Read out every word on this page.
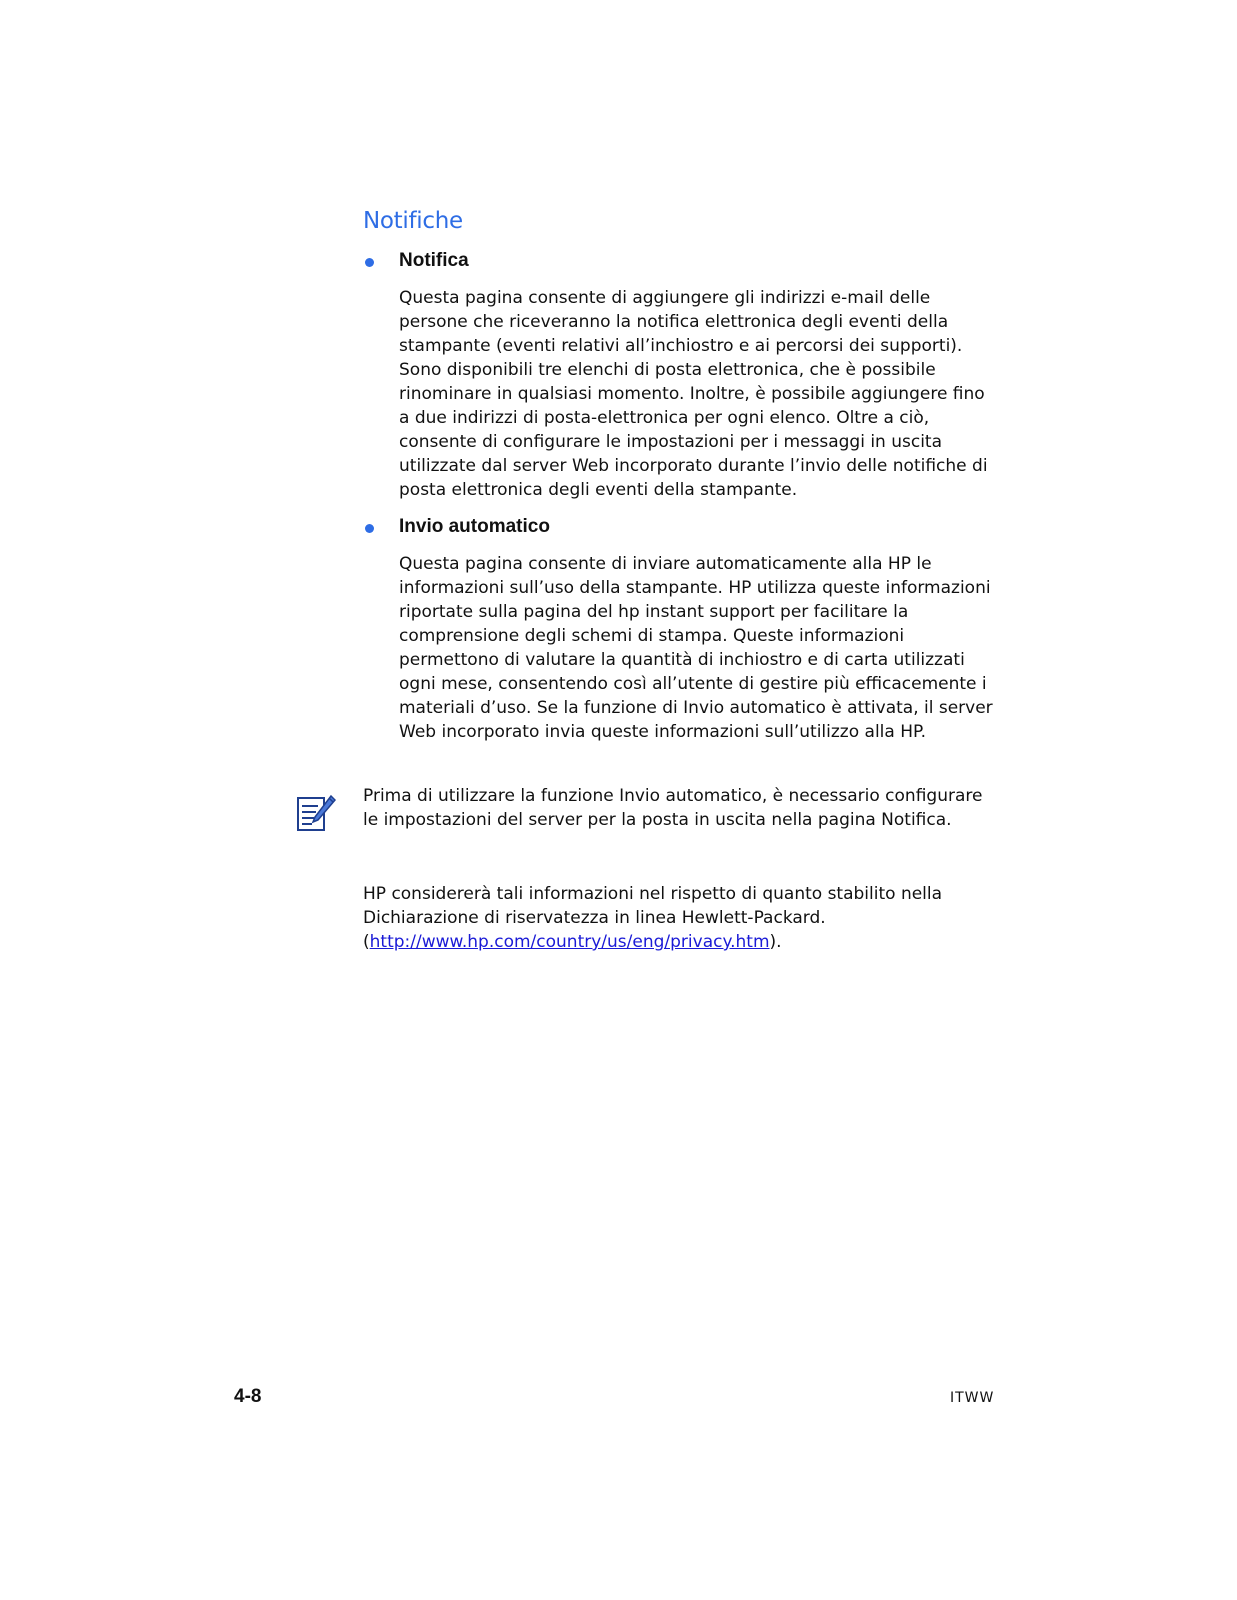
Notifiche
Notifica

Questa pagina consente di aggiungere gli indirizzi e-mail delle persone che riceveranno la notifica elettronica degli eventi della stampante (eventi relativi all’inchiostro e ai percorsi dei supporti). Sono disponibili tre elenchi di posta elettronica, che è possibile rinominare in qualsiasi momento. Inoltre, è possibile aggiungere fino a due indirizzi di posta-elettronica per ogni elenco. Oltre a ciò, consente di configurare le impostazioni per i messaggi in uscita utilizzate dal server Web incorporato durante l’invio delle notifiche di posta elettronica degli eventi della stampante.

Invio automatico

Questa pagina consente di inviare automaticamente alla HP le informazioni sull’uso della stampante. HP utilizza queste informazioni riportate sulla pagina del hp instant support per facilitare la comprensione degli schemi di stampa. Queste informazioni permettono di valutare la quantità di inchiostro e di carta utilizzati ogni mese, consentendo così all’utente di gestire più efficacemente i materiali d’uso. Se la funzione di Invio automatico è attivata, il server Web incorporato invia queste informazioni sull’utilizzo alla HP.

Prima di utilizzare la funzione Invio automatico, è necessario configurare le impostazioni del server per la posta in uscita nella pagina Notifica.

HP considererà tali informazioni nel rispetto di quanto stabilito nella Dichiarazione di riservatezza in linea Hewlett-Packard. (http://www.hp.com/country/us/eng/privacy.htm).

4-8	ITWW
